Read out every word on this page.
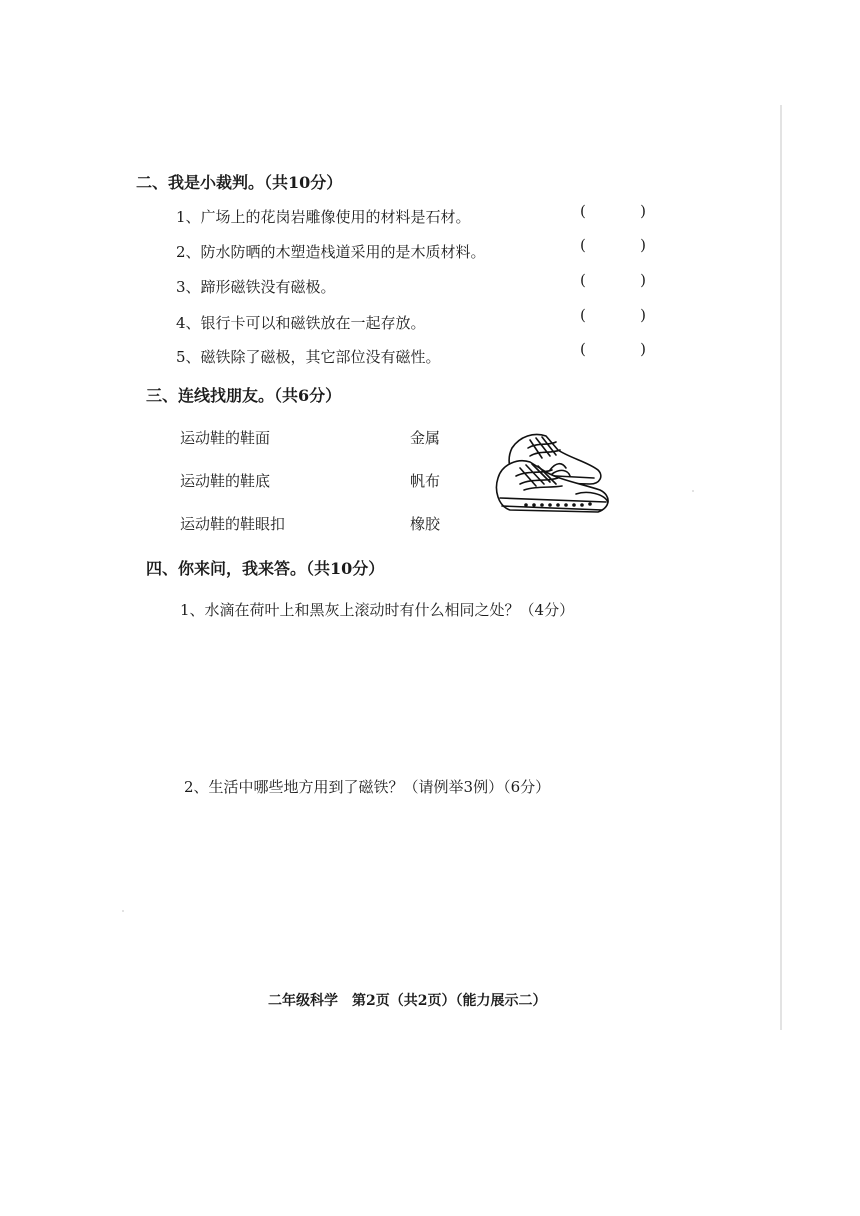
二、我是小裁判。（共10分）
1、广场上的花岗岩雕像使用的材料是石材。	(	)
2、防水防晒的木塑造栈道采用的是木质材料。	(	)
3、蹄形磁铁没有磁极。	(	)
4、银行卡可以和磁铁放在一起存放。	(	)
5、磁铁除了磁极，其它部位没有磁性。	(	)
三、连线找朋友。（共6分）
运动鞋的鞋面
运动鞋的鞋底
运动鞋的鞋眼扣
金属
帆布
橡胶
四、你来问，我来答。（共10分）
1、水滴在荷叶上和黑灰上滚动时有什么相同之处？（4分）
2、生活中哪些地方用到了磁铁？（请例举3例）（6分）
二年级科学　第2页（共2页）（能力展示二）
